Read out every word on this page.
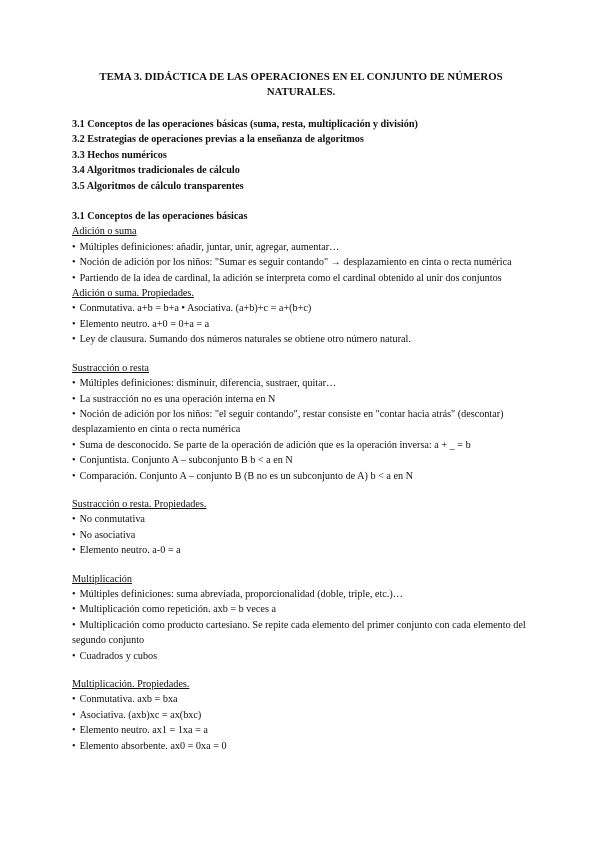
TEMA 3. DIDÁCTICA DE LAS OPERACIONES EN EL CONJUNTO DE NÚMEROS NATURALES.
3.1 Conceptos de las operaciones básicas (suma, resta, multiplicación y división)
3.2 Estrategias de operaciones previas a la enseñanza de algoritmos
3.3 Hechos numéricos
3.4 Algoritmos tradicionales de cálculo
3.5 Algoritmos de cálculo transparentes
3.1 Conceptos de las operaciones básicas
Adición o suma
• Múltiples definiciones: añadir, juntar, unir, agregar, aumentar…
• Noción de adición por los niños: "Sumar es seguir contando" → desplazamiento en cinta o recta numérica
• Partiendo de la idea de cardinal, la adición se interpreta como el cardinal obtenido al unir dos conjuntos
Adición o suma. Propiedades.
• Conmutativa. a+b = b+a • Asociativa. (a+b)+c = a+(b+c)
• Elemento neutro. a+0 = 0+a = a
• Ley de clausura. Sumando dos números naturales se obtiene otro número natural.
Sustracción o resta
• Múltiples definiciones: disminuir, diferencia, sustraer, quitar…
• La sustracción no es una operación interna en N
• Noción de adición por los niños: "el seguir contando", restar consiste en "contar hacia atrás" (descontar) desplazamiento en cinta o recta numérica
• Suma de desconocido. Se parte de la operación de adición que es la operación inversa: a + _ = b
• Conjuntista. Conjunto A – subconjunto B b < a en N
• Comparación. Conjunto A – conjunto B (B no es un subconjunto de A) b < a en N
Sustracción o resta. Propiedades.
• No conmutativa
• No asociativa
• Elemento neutro. a-0 = a
Multiplicación
• Múltiples definiciones: suma abreviada, proporcionalidad (doble, triple, etc.)…
• Multiplicación como repetición. axb = b veces a
• Multiplicación como producto cartesiano. Se repite cada elemento del primer conjunto con cada elemento del segundo conjunto
• Cuadrados y cubos
Multiplicación. Propiedades.
• Conmutativa. axb = bxa
• Asociativa. (axb)xc = ax(bxc)
• Elemento neutro. ax1 = 1xa = a
• Elemento absorbente. ax0 = 0xa = 0
